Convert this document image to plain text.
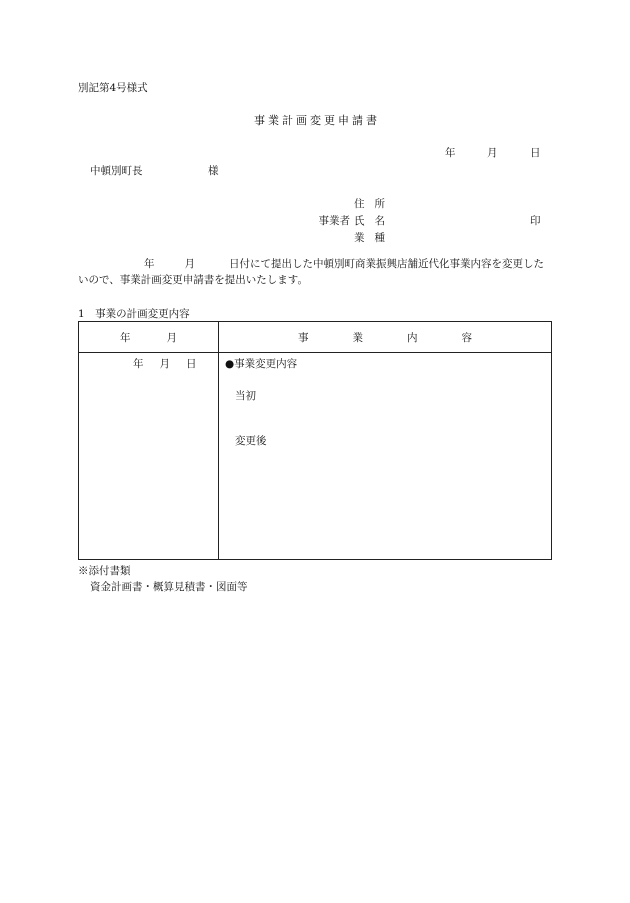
別記第4号様式
事業計画変更申請書
年	月	日
中頓別町長	様
住所
事業者 氏名	印
業種
年	月	日付にて提出した中頓別町商業振興店舗近代化事業内容を変更したいので、事業計画変更申請書を提出いたします。
1　事業の計画変更内容
年月	事業内容

年 月 日	●事業変更内容
当初
変更後
※添付書類
資金計画書・概算見積書・図面等
